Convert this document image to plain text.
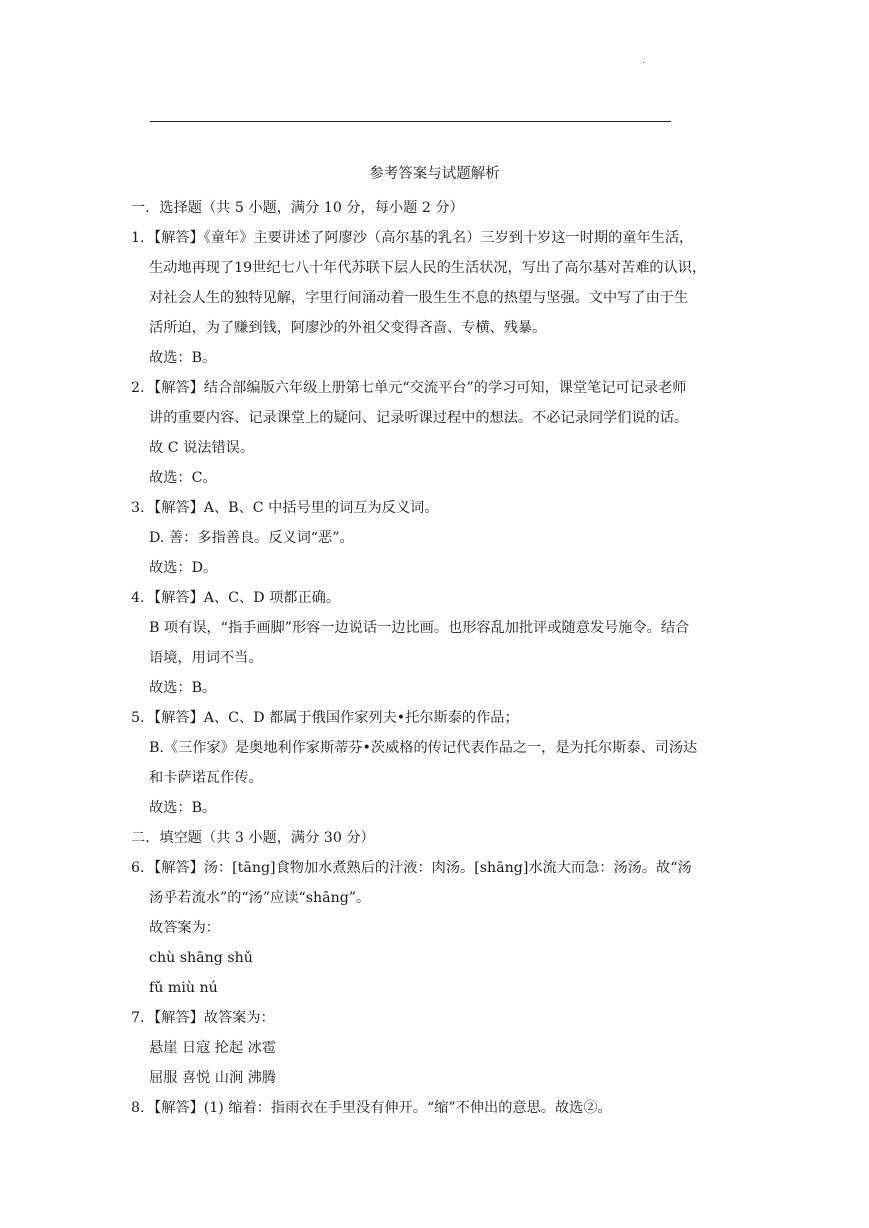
.
参考答案与试题解析
一．选择题（共 5 小题，满分 10 分，每小题 2 分）
1. 【解答】《童年》主要讲述了阿廖沙（高尔基的乳名）三岁到十岁这一时期的童年生活，
生动地再现了19世纪七八十年代苏联下层人民的生活状况，写出了高尔基对苦难的认识，
对社会人生的独特见解，字里行间涌动着一股生生不息的热望与坚强。文中写了由于生
活所迫，为了赚到钱，阿廖沙的外祖父变得吝啬、专横、残暴。
故选：B。
2. 【解答】结合部编版六年级上册第七单元“交流平台”的学习可知，课堂笔记可记录老师
讲的重要内容、记录课堂上的疑问、记录听课过程中的想法。不必记录同学们说的话。
故 C 说法错误。
故选：C。
3. 【解答】A、B、C 中括号里的词互为反义词。
D. 善：多指善良。反义词“恶”。
故选：D。
4. 【解答】A、C、D 项都正确。
B 项有误，“指手画脚”形容一边说话一边比画。也形容乱加批评或随意发号施令。结合
语境，用词不当。
故选：B。
5. 【解答】A、C、D 都属于俄国作家列夫•托尔斯泰的作品；
B.《三作家》是奥地利作家斯蒂芬•茨威格的传记代表作品之一，是为托尔斯泰、司汤达
和卡萨诺瓦作传。
故选：B。
二．填空题（共 3 小题，满分 30 分）
6. 【解答】汤：[tāng]食物加水煮熟后的汁液：肉汤。[shāng]水流大而急：汤汤。故“汤
汤乎若流水”的“汤”应读“shāng”。
故答案为：
chù shāng shǔ
fǔ miù nú
7. 【解答】故答案为：
悬崖 日寇 抡起 冰雹
屈服 喜悦 山涧 沸腾
8. 【解答】(1) 缩着：指雨衣在手里没有伸开。“缩”不伸出的意思。故选②。
